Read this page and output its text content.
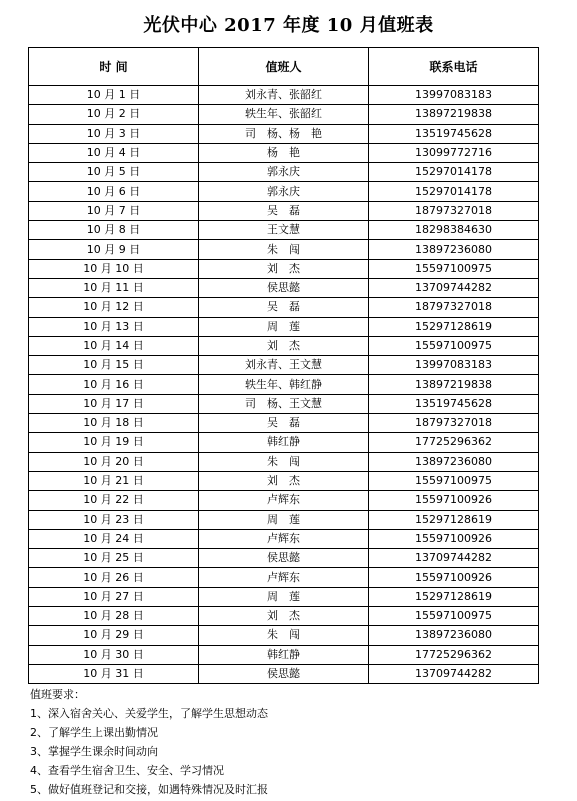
光伏中心 2017 年度 10 月值班表
时 间	值班人	联系电话
10 月 1 日	刘永青、张韶红	13997083183
10 月 2 日	轶生年、张韶红	13897219838
10 月 3 日	司　杨、杨　艳	13519745628
10 月 4 日	杨　艳	13099772716
10 月 5 日	郭永庆	15297014178
10 月 6 日	郭永庆	15297014178
10 月 7 日	吴　磊	18797327018
10 月 8 日	王文慧	18298384630
10 月 9 日	朱　闯	13897236080
10 月 10 日	刘　杰	15597100975
10 月 11 日	侯思懿	13709744282
10 月 12 日	吴　磊	18797327018
10 月 13 日	周　莲	15297128619
10 月 14 日	刘　杰	15597100975
10 月 15 日	刘永青、王文慧	13997083183
10 月 16 日	轶生年、韩红静	13897219838
10 月 17 日	司　杨、王文慧	13519745628
10 月 18 日	吴　磊	18797327018
10 月 19 日	韩红静	17725296362
10 月 20 日	朱　闯	13897236080
10 月 21 日	刘　杰	15597100975
10 月 22 日	卢辉东	15597100926
10 月 23 日	周　莲	15297128619
10 月 24 日	卢辉东	15597100926
10 月 25 日	侯思懿	13709744282
10 月 26 日	卢辉东	15597100926
10 月 27 日	周　莲	15297128619
10 月 28 日	刘　杰	15597100975
10 月 29 日	朱　闯	13897236080
10 月 30 日	韩红静	17725296362
10 月 31 日	侯思懿	13709744282
值班要求：
1、深入宿舍关心、关爱学生，了解学生思想动态
2、了解学生上课出勤情况
3、掌握学生课余时间动向
4、查看学生宿舍卫生、安全、学习情况
5、做好值班登记和交接，如遇特殊情况及时汇报
